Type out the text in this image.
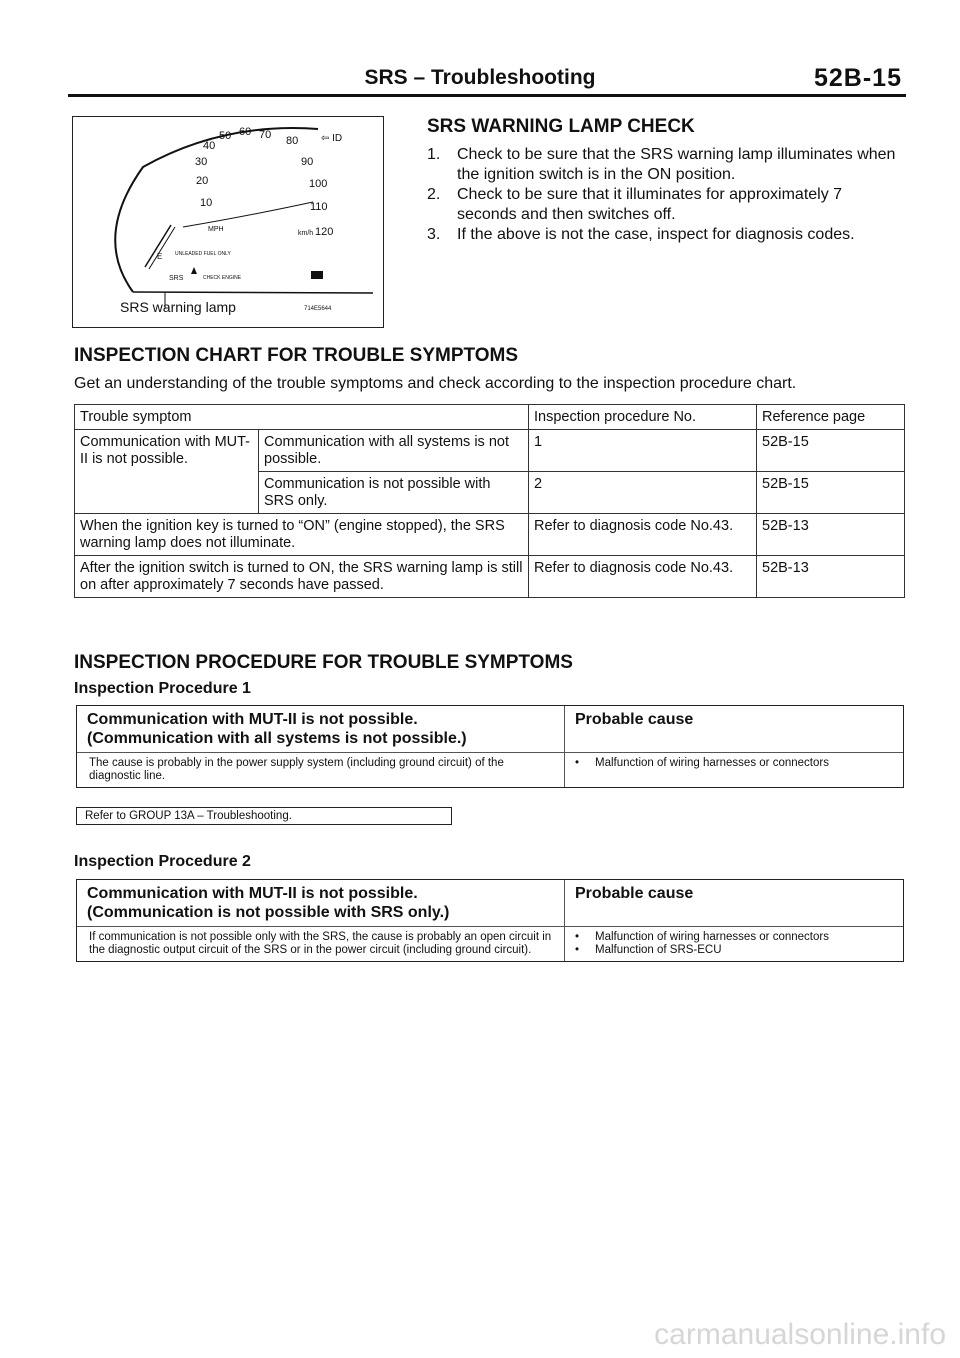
SRS – Troubleshooting	52B-15
10
20
30
40
50 60 70 80
90
100
110
120
⇦ ID
MPH
km/h
E	UNLEADED FUEL ONLY
SRS	CHECK ENGINE
SRS warning lamp	714E5644
SRS WARNING LAMP CHECK
1.	Check to be sure that the SRS warning lamp illuminates when the ignition switch is in the ON position.
2.	Check to be sure that it illuminates for approximately 7 seconds and then switches off.
3.	If the above is not the case, inspect for diagnosis codes.
INSPECTION CHART FOR TROUBLE SYMPTOMS
Get an understanding of the trouble symptoms and check according to the inspection procedure chart.
Trouble symptom		Inspection procedure No.	Reference page
Communication with MUT-II is not possible.	Communication with all systems is not possible.	1	52B-15
	Communication is not possible with SRS only.	2	52B-15
When the ignition key is turned to “ON” (engine stopped), the SRS warning lamp does not illuminate.		Refer to diagnosis code No.43.	52B-13
After the ignition switch is turned to ON, the SRS warning lamp is still on after approximately 7 seconds have passed.		Refer to diagnosis code No.43.	52B-13
INSPECTION PROCEDURE FOR TROUBLE SYMPTOMS
Inspection Procedure 1
Communication with MUT-II is not possible.
(Communication with all systems is not possible.)
Probable cause
The cause is probably in the power supply system (including ground circuit) of the diagnostic line.
•	Malfunction of wiring harnesses or connectors
Refer to GROUP 13A – Troubleshooting.
Inspection Procedure 2
Communication with MUT-II is not possible.
(Communication is not possible with SRS only.)
Probable cause
If communication is not possible only with the SRS, the cause is probably an open circuit in the diagnostic output circuit of the SRS or in the power circuit (including ground circuit).
•	Malfunction of wiring harnesses or connectors
•	Malfunction of SRS-ECU
carmanualsonline.info
